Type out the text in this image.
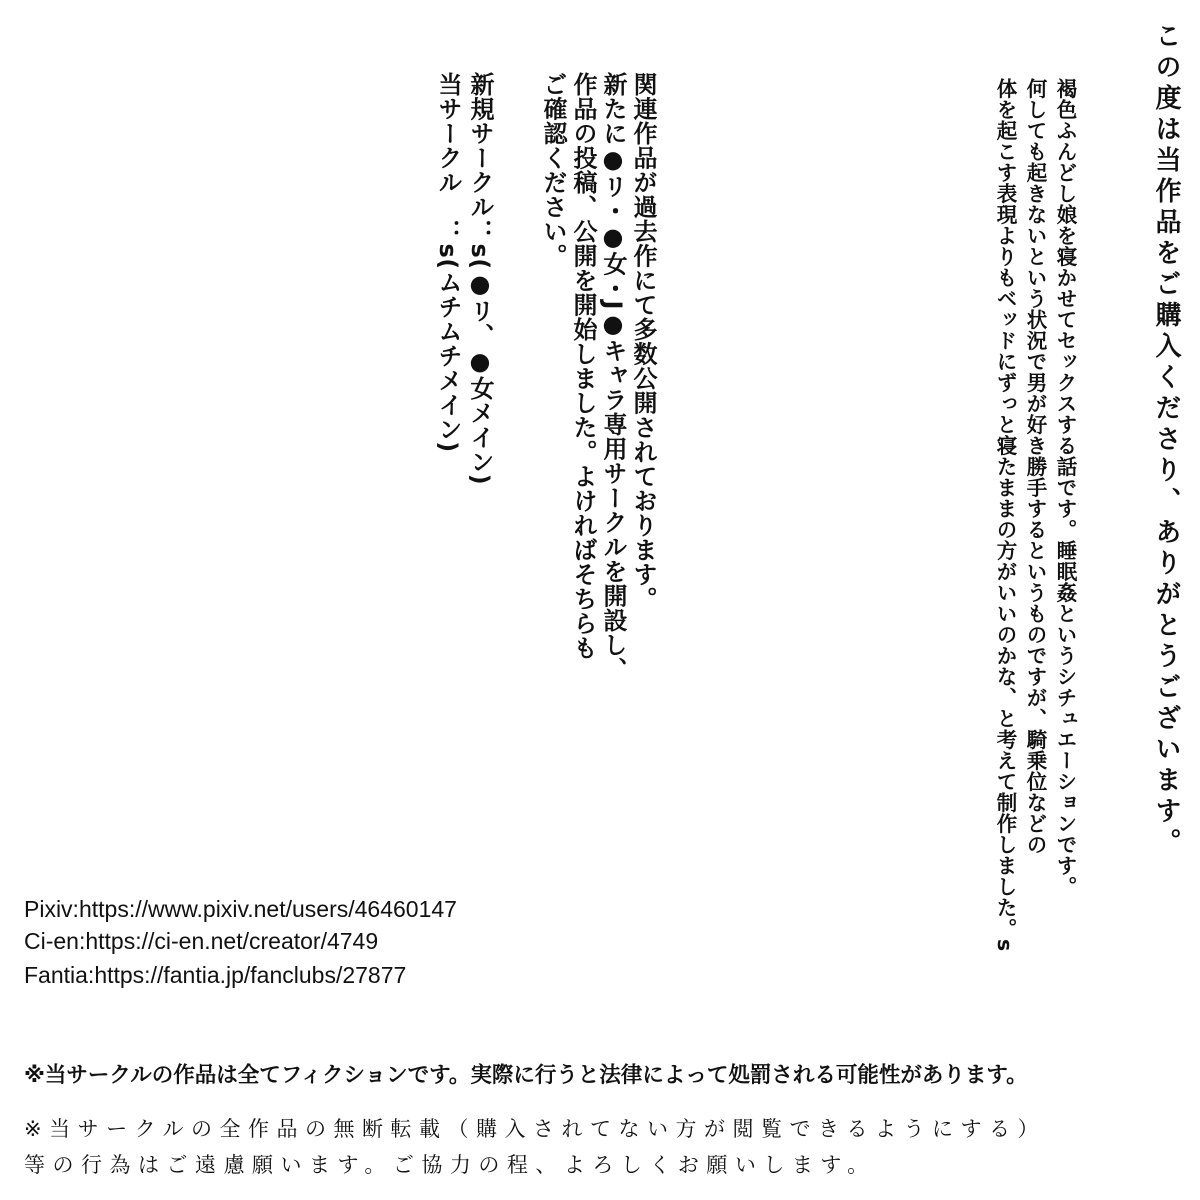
この度は当作品をご購入くださり、ありがとうございます。
褐色ふんどし娘を寝かせてセックスする話です。睡眠姦というシチュエーションです。
何しても起きないという状況で男が好き勝手するというものですが、騎乗位などの
体を起こす表現よりもベッドにずっと寝たままの方がいいのかな、と考えて制作しました。s
関連作品が過去作にて多数公開されております。
新たに●リ・●女・J●キャラ専用サークルを開設し、
作品の投稿、公開を開始しました。よければそちらも
ご確認ください。
新規サークル：s(●リ、●女メイン)
当サークル　：s(ムチムチメイン)
Pixiv:https://www.pixiv.net/users/46460147
Ci-en:https://ci-en.net/creator/4749
Fantia:https://fantia.jp/fanclubs/27877
※当サークルの作品は全てフィクションです。実際に行うと法律によって処罰される可能性があります。
※当サークルの全作品の無断転載（購入されてない方が閲覧できるようにする）
等の行為はご遠慮願います。ご協力の程、よろしくお願いします。
